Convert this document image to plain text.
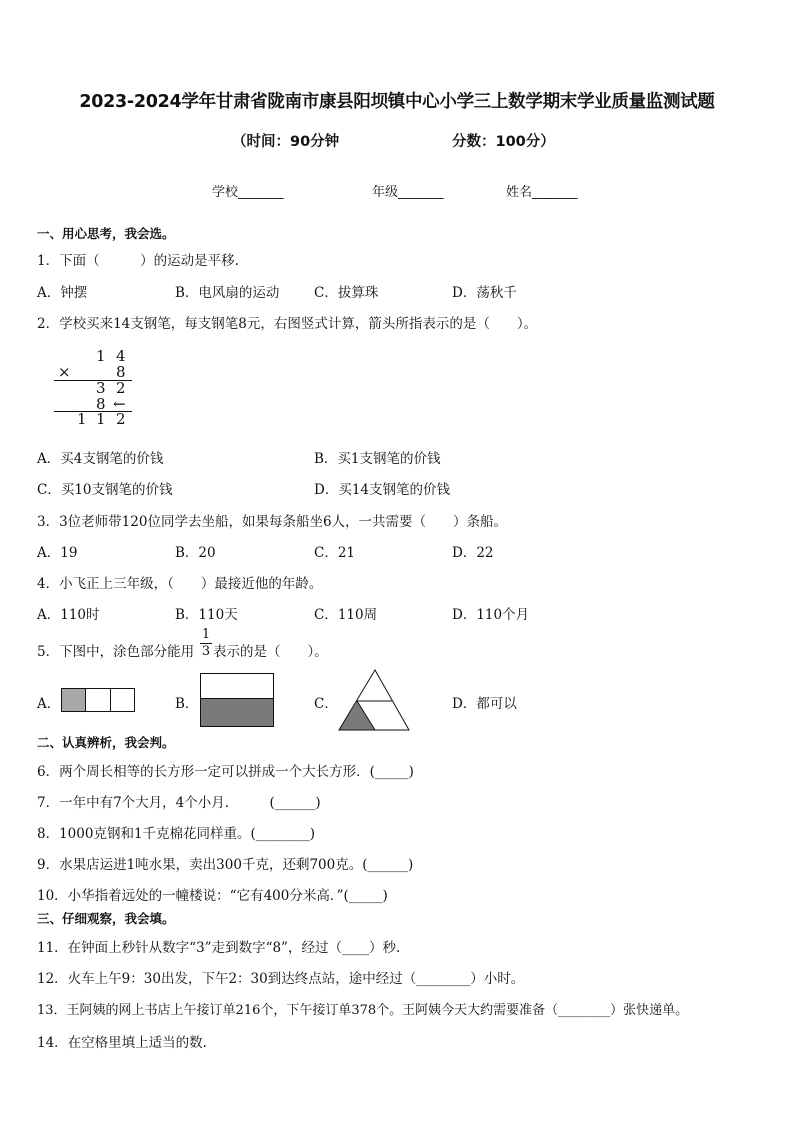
2023-2024学年甘肃省陇南市康县阳坝镇中心小学三上数学期末学业质量监测试题
（时间：90分钟	分数：100分）
学校_______	年级_______	姓名_______
一、用心思考，我会选。
1．下面（　　　）的运动是平移.
A．钟摆	B．电风扇的运动	C．拔算珠	D．荡秋千
2．学校买来14支钢笔，每支钢笔8元，右图竖式计算，箭头所指表示的是（　　）。
1 4
×	8
3 2
8 ←
1 1 2
A．买4支钢笔的价钱	B．买1支钢笔的价钱
C．买10支钢笔的价钱	D．买14支钢笔的价钱
3．3位老师带120位同学去坐船，如果每条船坐6人，一共需要（　　）条船。
A．19	B．20	C．21	D．22
4．小飞正上三年级，（　　）最接近他的年龄。
A．110时	B．110天	C．110周	D．110个月
5．下图中，涂色部分能用
1
3 表示的是（　　）。
A．	B．	C．	D．都可以
二、认真辨析，我会判。
6．两个周长相等的长方形一定可以拼成一个大长方形．(_____)
7．一年中有7个大月，4个小月.　　　(______)
8．1000克钢和1千克棉花同样重。(________)
9．水果店运进1吨水果，卖出300千克，还剩700克。(______)
10．小华指着远处的一幢楼说：“它有400分米高．”(_____)
三、仔细观察，我会填。
11．在钟面上秒针从数字“3”走到数字“8”，经过（____）秒.
12．火车上午9：30出发，下午2：30到达终点站，途中经过（________）小时。
13．王阿姨的网上书店上午接订单216个，下午接订单378个。王阿姨今天大约需要准备（________）张快递单。
14．在空格里填上适当的数.
